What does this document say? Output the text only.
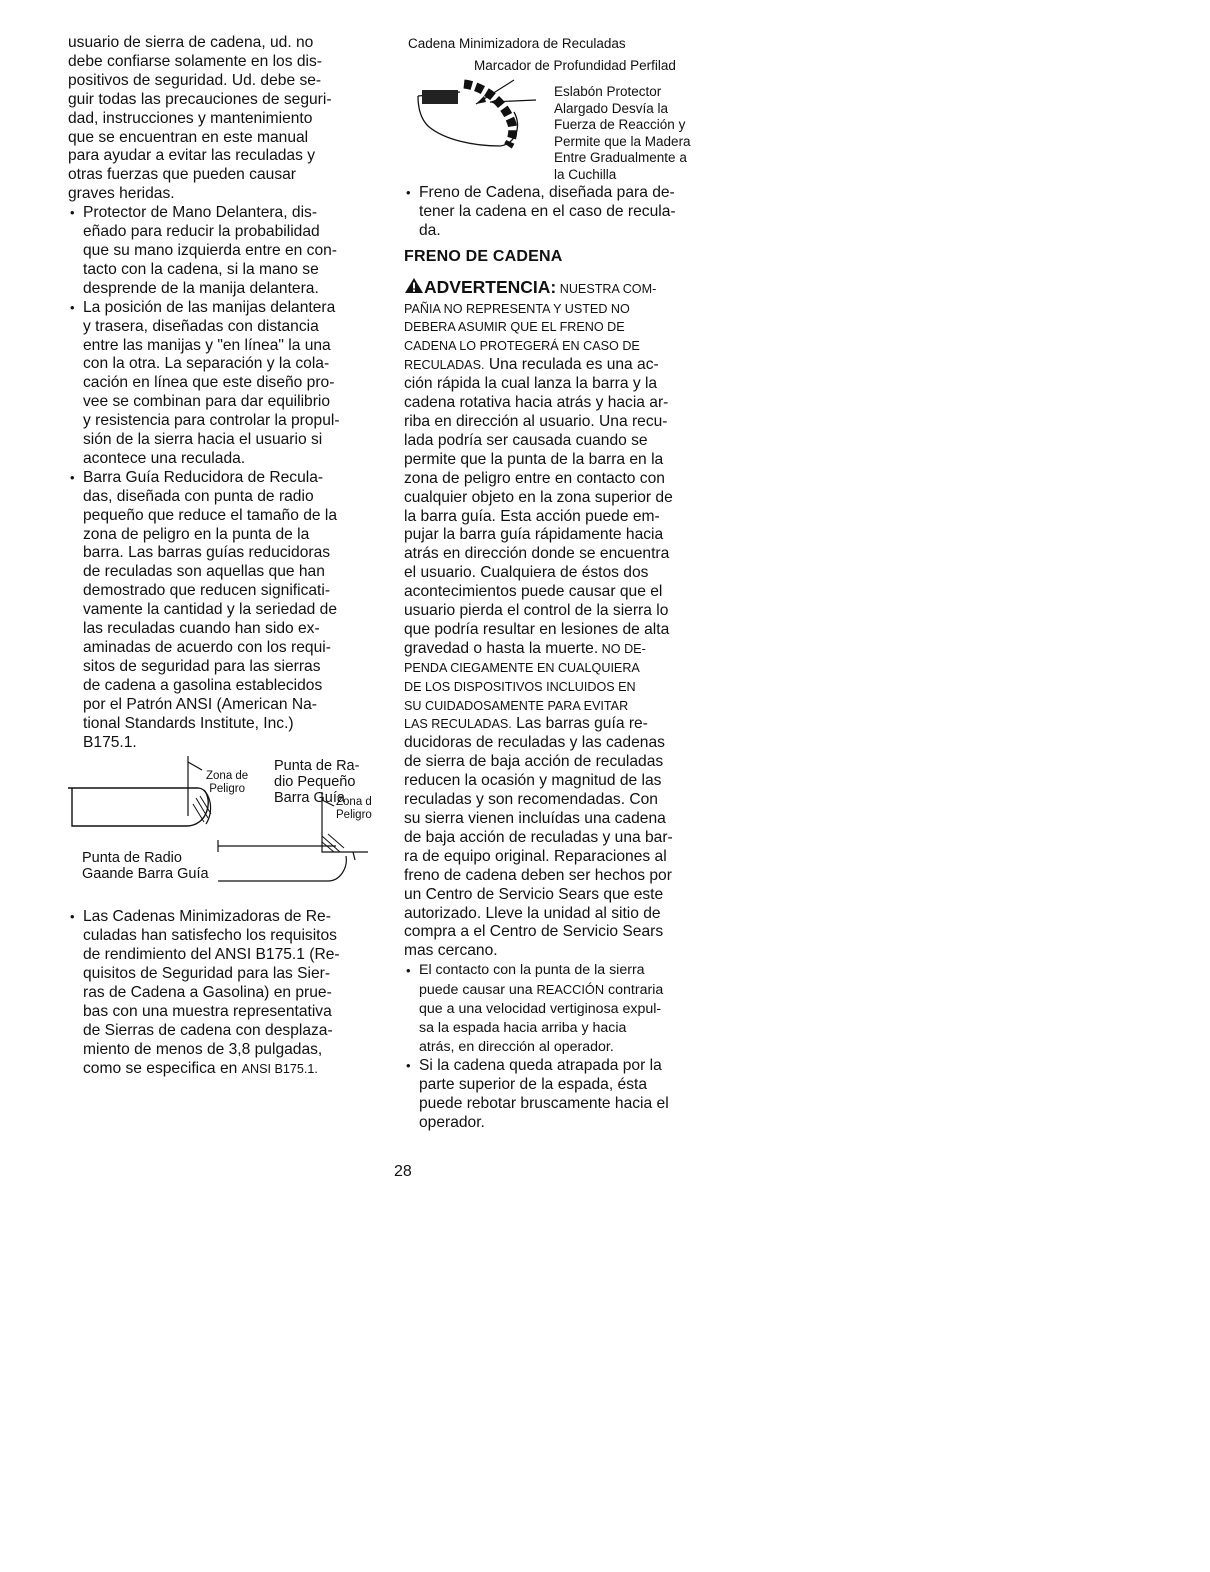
usuario de sierra de cadena, ud. no
debe confiarse solamente en los dis-
positivos de seguridad. Ud. debe se-
guir todas las precauciones de seguri-
dad, instrucciones y mantenimiento
que se encuentran en este manual
para ayudar a evitar las reculadas y
otras fuerzas que pueden causar
graves heridas.

• Protector de Mano Delantera, dis-
eñado para reducir la probabilidad
que su mano izquierda entre en con-
tacto con la cadena, si la mano se
desprende de la manija delantera.

• La posición de las manijas delantera
y trasera, diseñadas con distancia
entre las manijas y "en línea" la una
con la otra. La separación y la cola-
cación en línea que este diseño pro-
vee se combinan para dar equilibrio
y resistencia para controlar la propul-
sión de la sierra hacia el usuario si
acontece una reculada.

• Barra Guía Reducidora de Recula-
das, diseñada con punta de radio
pequeño que reduce el tamaño de la
zona de peligro en la punta de la
barra. Las barras guías reducidoras
de reculadas son aquellas que han
demostrado que reducen significati-
vamente la cantidad y la seriedad de
las reculadas cuando han sido ex-
aminadas de acuerdo con los requi-
sitos de seguridad para las sierras
de cadena a gasolina establecidos
por el Patrón ANSI (American Na-
tional Standards Institute, Inc.)
B175.1.

Zona de
Peligro
Punta de Ra-
dio Pequeño
Barra Guía
Zona d
Peligro
Punta de Radio
Gaande Barra Guía

• Las Cadenas Minimizadoras de Re-
culadas han satisfecho los requisitos
de rendimiento del ANSI B175.1 (Re-
quisitos de Seguridad para las Sier-
ras de Cadena a Gasolina) en prue-
bas con una muestra representativa
de Sierras de cadena con desplaza-
miento de menos de 3,8 pulgadas,
como se especifica en ANSI B175.1.

Cadena Minimizadora de Reculadas
Marcador de Profundidad Perfilad
Eslabón Protector
Alargado Desvía la
Fuerza de Reacción y
Permite que la Madera
Entre Gradualmente a
la Cuchilla

• Freno de Cadena, diseñada para de-
tener la cadena en el caso de recula-
da.

FRENO DE CADENA

ADVERTENCIA: NUESTRA COM-
PAÑIA NO REPRESENTA Y USTED NO
DEBERA ASUMIR QUE EL FRENO DE
CADENA LO PROTEGERÁ EN CASO DE
RECULADAS. Una reculada es una ac-
ción rápida la cual lanza la barra y la
cadena rotativa hacia atrás y hacia ar-
riba en dirección al usuario. Una recu-
lada podría ser causada cuando se
permite que la punta de la barra en la
zona de peligro entre en contacto con
cualquier objeto en la zona superior de
la barra guía. Esta acción puede em-
pujar la barra guía rápidamente hacia
atrás en dirección donde se encuentra
el usuario. Cualquiera de éstos dos
acontecimientos puede causar que el
usuario pierda el control de la sierra lo
que podría resultar en lesiones de alta
gravedad o hasta la muerte. NO DE-
PENDA CIEGAMENTE EN CUALQUIERA
DE LOS DISPOSITIVOS INCLUIDOS EN
SU CUIDADOSAMENTE PARA EVITAR
LAS RECULADAS. Las barras guía re-
ducidoras de reculadas y las cadenas
de sierra de baja acción de reculadas
reducen la ocasión y magnitud de las
reculadas y son recomendadas. Con
su sierra vienen incluídas una cadena
de baja acción de reculadas y una bar-
ra de equipo original. Reparaciones al
freno de cadena deben ser hechos por
un Centro de Servicio Sears que este
autorizado. Lleve la unidad al sitio de
compra a el Centro de Servicio Sears
mas cercano.

• El contacto con la punta de la sierra
puede causar una REACCIÓN contraria
que a una velocidad vertiginosa expul-
sa la espada hacia arriba y hacia
atrás, en dirección al operador.

• Si la cadena queda atrapada por la
parte superior de la espada, ésta
puede rebotar bruscamente hacia el
operador.

28
